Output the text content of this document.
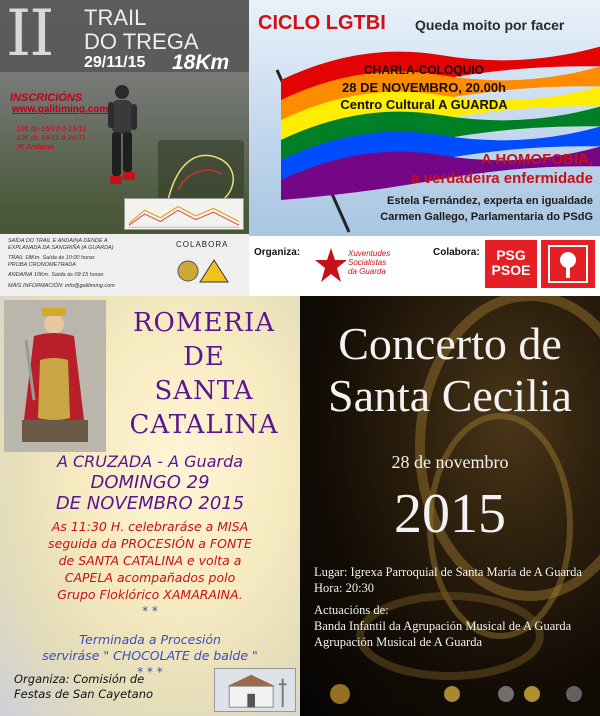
II TRAIL
DO TREGA
29/11/15 18Km
INSCRICIÓNS
www.galitiming.com
10€ do 15/10 ó 15/11
12€ do 16/11 ó 26/11
3€ Andaina
SAÍDA DO TRAIL E ANDAINA DENDE A
EXPLANADA DA SANGRIÑA (A GUARDA)
TRAIL 18Km. Saída ás 10:00 horas
PROBA CRONOMETRADA
ANDAINA 10Km. Saída ás 09:15 horas
MÁIS INFORMACIÓN: info@galitiming.com
COLABORA
CICLO LGTBI Queda moito por facer
CHARLA-COLOQUIO
28 DE NOVEMBRO, 20.00h
Centro Cultural A GUARDA
A HOMOFOBIA,
a verdadeira enfermidade
Estela Fernández, experta en igualdade
Carmen Gallego, Parlamentaria do PSdG
Organiza:	Xuventudes
Socialistas
da Guarda
Colabora:	PSG
PSOE
ROMERIA
DE
SANTA
CATALINA
A CRUZADA - A Guarda
DOMINGO 29
DE NOVEMBRO 2015
As 11:30 H. celebraráse a MISA
seguida da PROCESIÓN a FONTE
de SANTA CATALINA e volta a
CAPELA acompañados polo
Grupo Floklórico XAMARAINA.
* *
Terminada a Procesión
serviráse " CHOCOLATE de balde "
* * *
Organiza: Comisión de
Festas de San Cayetano
Concerto de
Santa Cecilia
28 de novembro
2015
Lugar: Igrexa Parroquial de Santa María de A Guarda
Hora: 20:30
Actuacións de:
Banda Infantil da Agrupación Musical de A Guarda
Agrupación Musical de A Guarda
